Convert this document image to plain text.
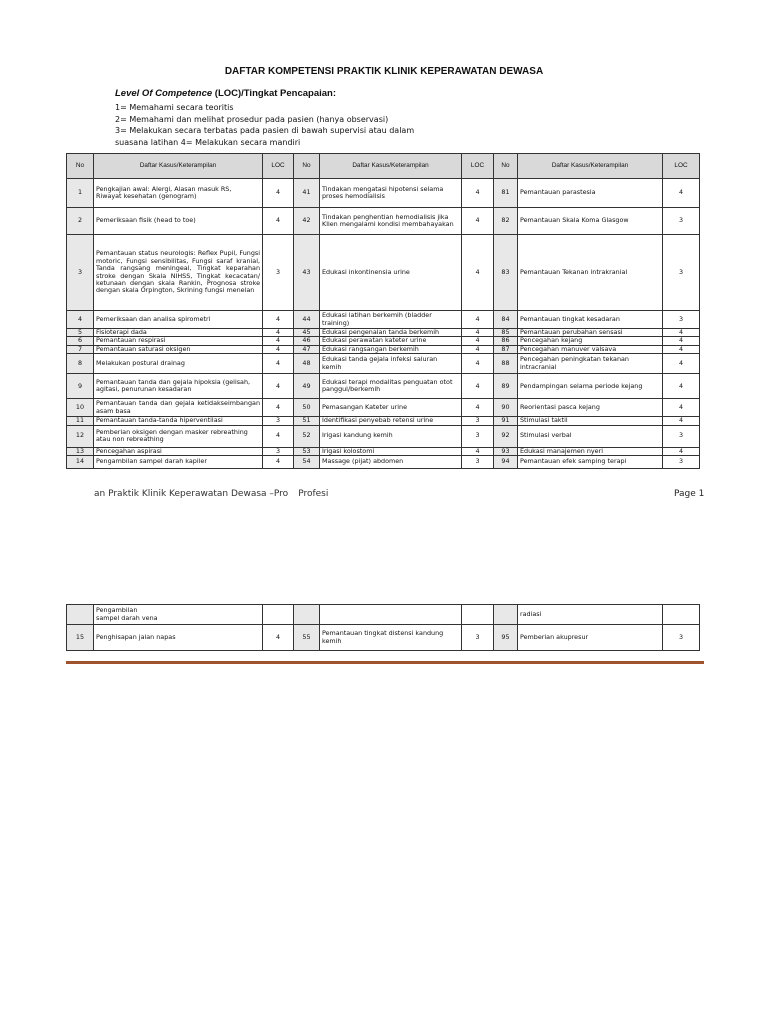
DAFTAR KOMPETENSI PRAKTIK KLINIK KEPERAWATAN DEWASA
Level Of Competence (LOC)/Tingkat Pencapaian:
1= Memahami secara teoritis
2= Memahami dan melihat prosedur pada pasien (hanya observasi)
3= Melakukan secara terbatas pada pasien di bawah supervisi atau dalam
suasana latihan 4= Melakukan secara mandiri
No	Daftar Kasus/Keterampilan	LOC	No	Daftar Kasus/Keterampilan	LOC	No	Daftar Kasus/Keterampilan	LOC
1	Pengkajian awal: Alergi, Alasan masuk RS,
Riwayat kesehatan (genogram)	4	41	Tindakan mengatasi hipotensi selama
proses hemodialisis	4	81	Pemantauan parastesia	4
2	Pemeriksaan fisik (head to toe)	4	42	Tindakan penghentian hemodialisis jika
Klien mengalami kondisi membahayakan	4	82	Pemantauan Skala Koma Glasgow	3
3	Pemantauan status neurologis: Reflex Pupil, Fungsi motoric, Fungsi sensibilitas, Fungsi saraf kranial, Tanda rangsang meningeal, Tingkat keparahan stroke dengan Skala NIHSS, Tingkat kecacatan/ ketunaan dengan skala Rankin, Prognosa stroke dengan skala Orpington, Skrining fungsi menelan	3	43	Edukasi inkontinensia urine	4	83	Pemantauan Tekanan intrakranial	3
4	Pemeriksaan dan analisa spirometri	4	44	Edukasi latihan berkemih (bladder training)	4	84	Pemantauan tingkat kesadaran	3
5	Fisioterapi dada	4	45	Edukasi pengenalan tanda berkemih	4	85	Pemantauan perubahan sensasi	4
6	Pemantauan respirasi	4	46	Edukasi perawatan kateter urine	4	86	Pencegahan kejang	4
7	Pemantauan saturasi oksigen	4	47	Edukasi rangsangan berkemih	4	87	Pencegahan manuver valsava	4
8	Melakukan postural drainag	4	48	Edukasi tanda gejala infeksi saluran
kemih	4	88	Pencegahan peningkatan tekanan intracranial	4
9	Pemantauan tanda dan gejala hipoksia (gelisah,
agitasi, penurunan kesadaran	4	49	Edukasi terapi modalitas penguatan otot
panggul/berkemih	4	89	Pendampingan selama periode kejang	4
10	Pemantauan tanda dan gejala ketidakseimbangan asam basa	4	50	Pemasangan Kateter urine	4	90	Reorientasi pasca kejang	4
11	Pemantauan tanda-tanda hiperventilasi	3	51	Identifikasi penyebab retensi urine	3	91	Stimulasi taktil	4
12	Pemberian oksigen dengan masker rebreathing
atau non rebreathing	4	52	Irigasi kandung kemih	3	92	Stimulasi verbal	3
13	Pencegahan aspirasi	3	53	Irigasi kolostomi	4	93	Edukasi manajemen nyeri	4
14	Pengambilan sampel darah kapiler	4	54	Massage (pijat) abdomen	3	94	Pemantauan efek samping terapi	3
an Praktik Klinik Keperawatan Dewasa –Pro Profesi	Page 1
	Pengambilan
sampel darah vena						radiasi	
15	Penghisapan jalan napas	4	55	Pemantauan tingkat distensi kandung
kemih	3	95	Pemberian akupresur	3
